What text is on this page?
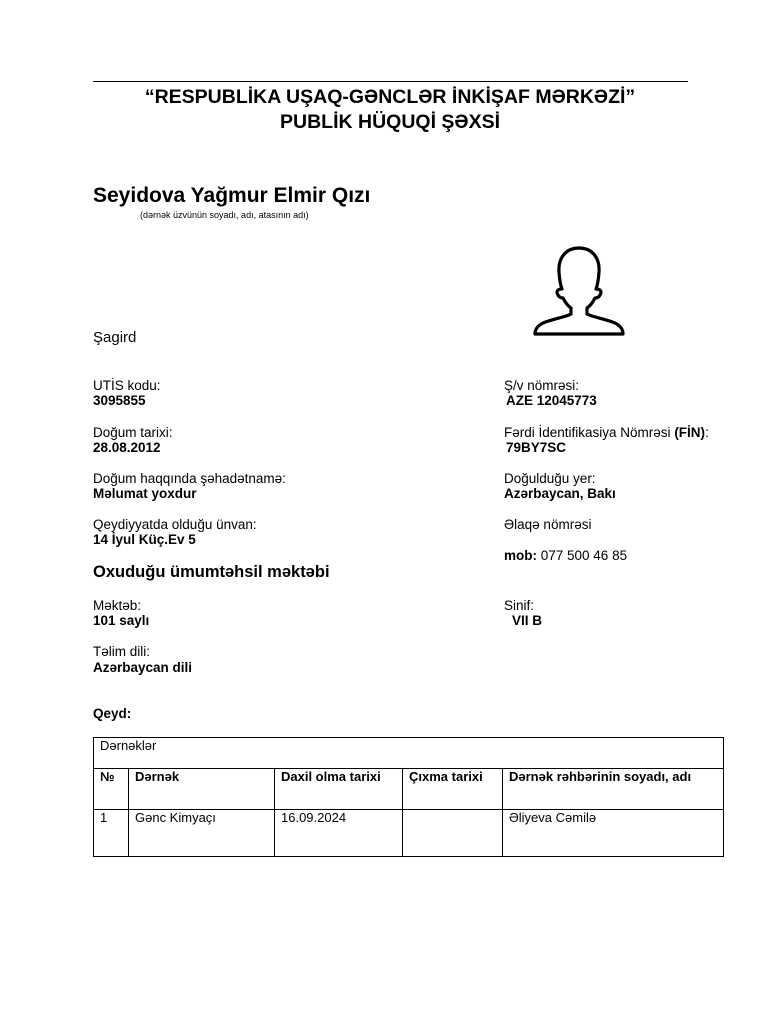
“RESPUBLİKA UŞAQ-GƏNCLƏR İNKİŞAF MƏRKƏZİ”
PUBLİK HÜQUQİ ŞƏXSİ
Seyidova Yağmur Elmir Qızı
(dərnək üzvünün soyadı, adı, atasının adı)
Şagird
UTİS kodu:
3095855
Doğum tarixi:
28.08.2012
Doğum haqqında şəhadətnamə:
Məlumat yoxdur
Qeydiyyatda olduğu ünvan:
14 İyul Küç.Ev 5
Ş/v nömrəsi:
AZE 12045773
Fərdi İdentifikasiya Nömrəsi (FİN):
79BY7SC
Doğulduğu yer:
Azərbaycan, Bakı
Əlaqə nömrəsi
mob: 077 500 46 85
Oxuduğu ümumtəhsil məktəbi
Məktəb:
101 saylı
Sinif:
VII B
Təlim dili:
Azərbaycan dili
Qeyd:
Dərnəklər				
№	Dərnək	Daxil olma tarixi	Çıxma tarixi	Dərnək rəhbərinin soyadı, adı
1	Gənc Kimyaçı	16.09.2024		Əliyeva Cəmilə
